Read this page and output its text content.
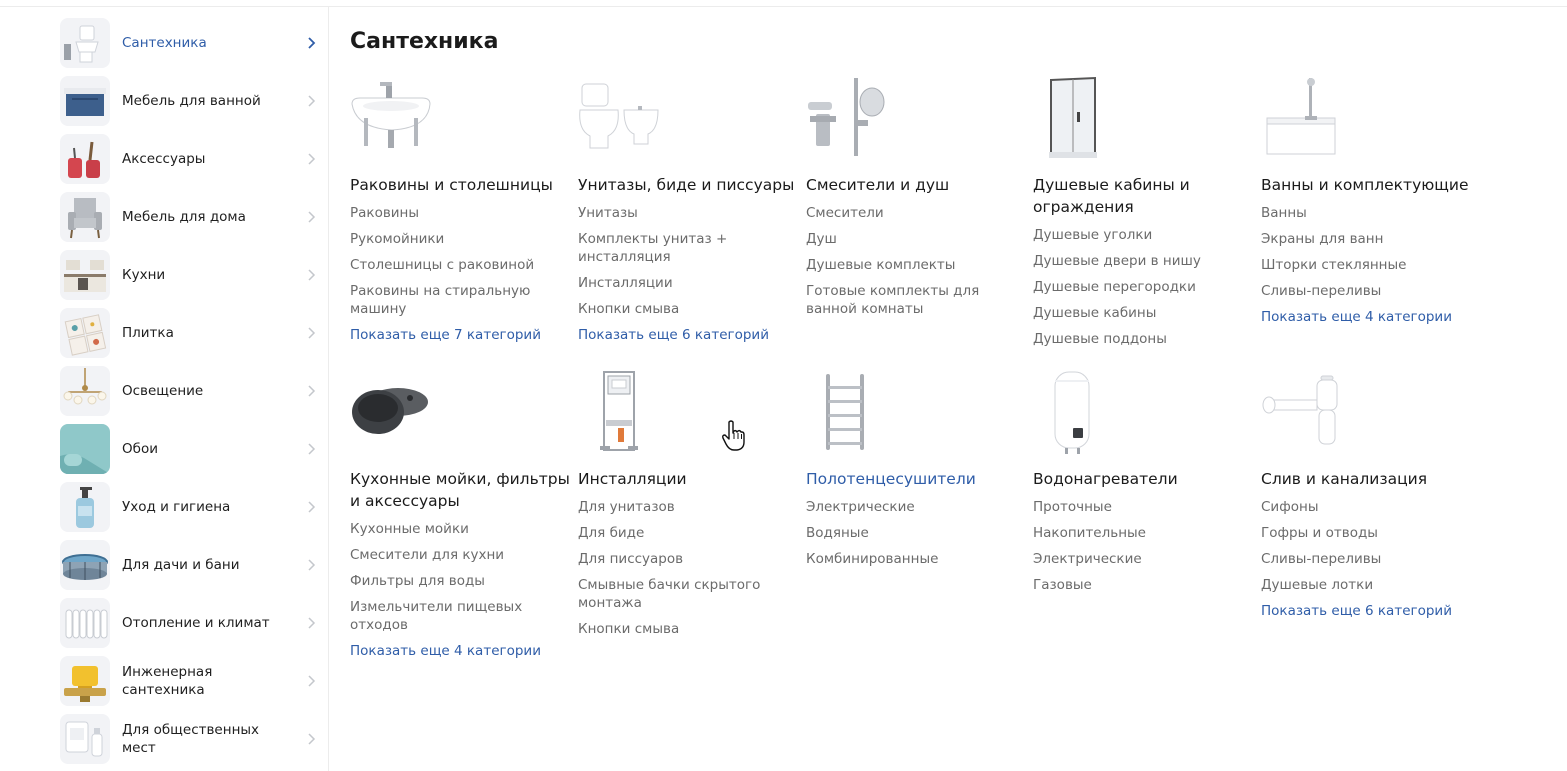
Сантехника
Мебель для ванной
Аксессуары
Мебель для дома
Кухни
Плитка
Освещение
Обои
Уход и гигиена
Для дачи и бани
Отопление и климат
Инженерная сантехника
Для общественных мест
Сантехника
Раковины и столешницы
Раковины
Рукомойники
Столешницы с раковиной
Раковины на стиральную машину
Показать еще 7 категорий
Унитазы, биде и писсуары
Унитазы
Комплекты унитаз + инсталляция
Инсталляции
Кнопки смыва
Показать еще 6 категорий
Смесители и душ
Смесители
Душ
Душевые комплекты
Готовые комплекты для ванной комнаты
Душевые кабины и ограждения
Душевые уголки
Душевые двери в нишу
Душевые перегородки
Душевые кабины
Душевые поддоны
Ванны и комплектующие
Ванны
Экраны для ванн
Шторки стеклянные
Сливы-переливы
Показать еще 4 категории
Кухонные мойки, фильтры и аксессуары
Кухонные мойки
Смесители для кухни
Фильтры для воды
Измельчители пищевых отходов
Показать еще 4 категории
Инсталляции
Для унитазов
Для биде
Для писсуаров
Смывные бачки скрытого монтажа
Кнопки смыва
Полотенцесушители
Электрические
Водяные
Комбинированные
Водонагреватели
Проточные
Накопительные
Электрические
Газовые
Слив и канализация
Сифоны
Гофры и отводы
Сливы-переливы
Душевые лотки
Показать еще 6 категорий
